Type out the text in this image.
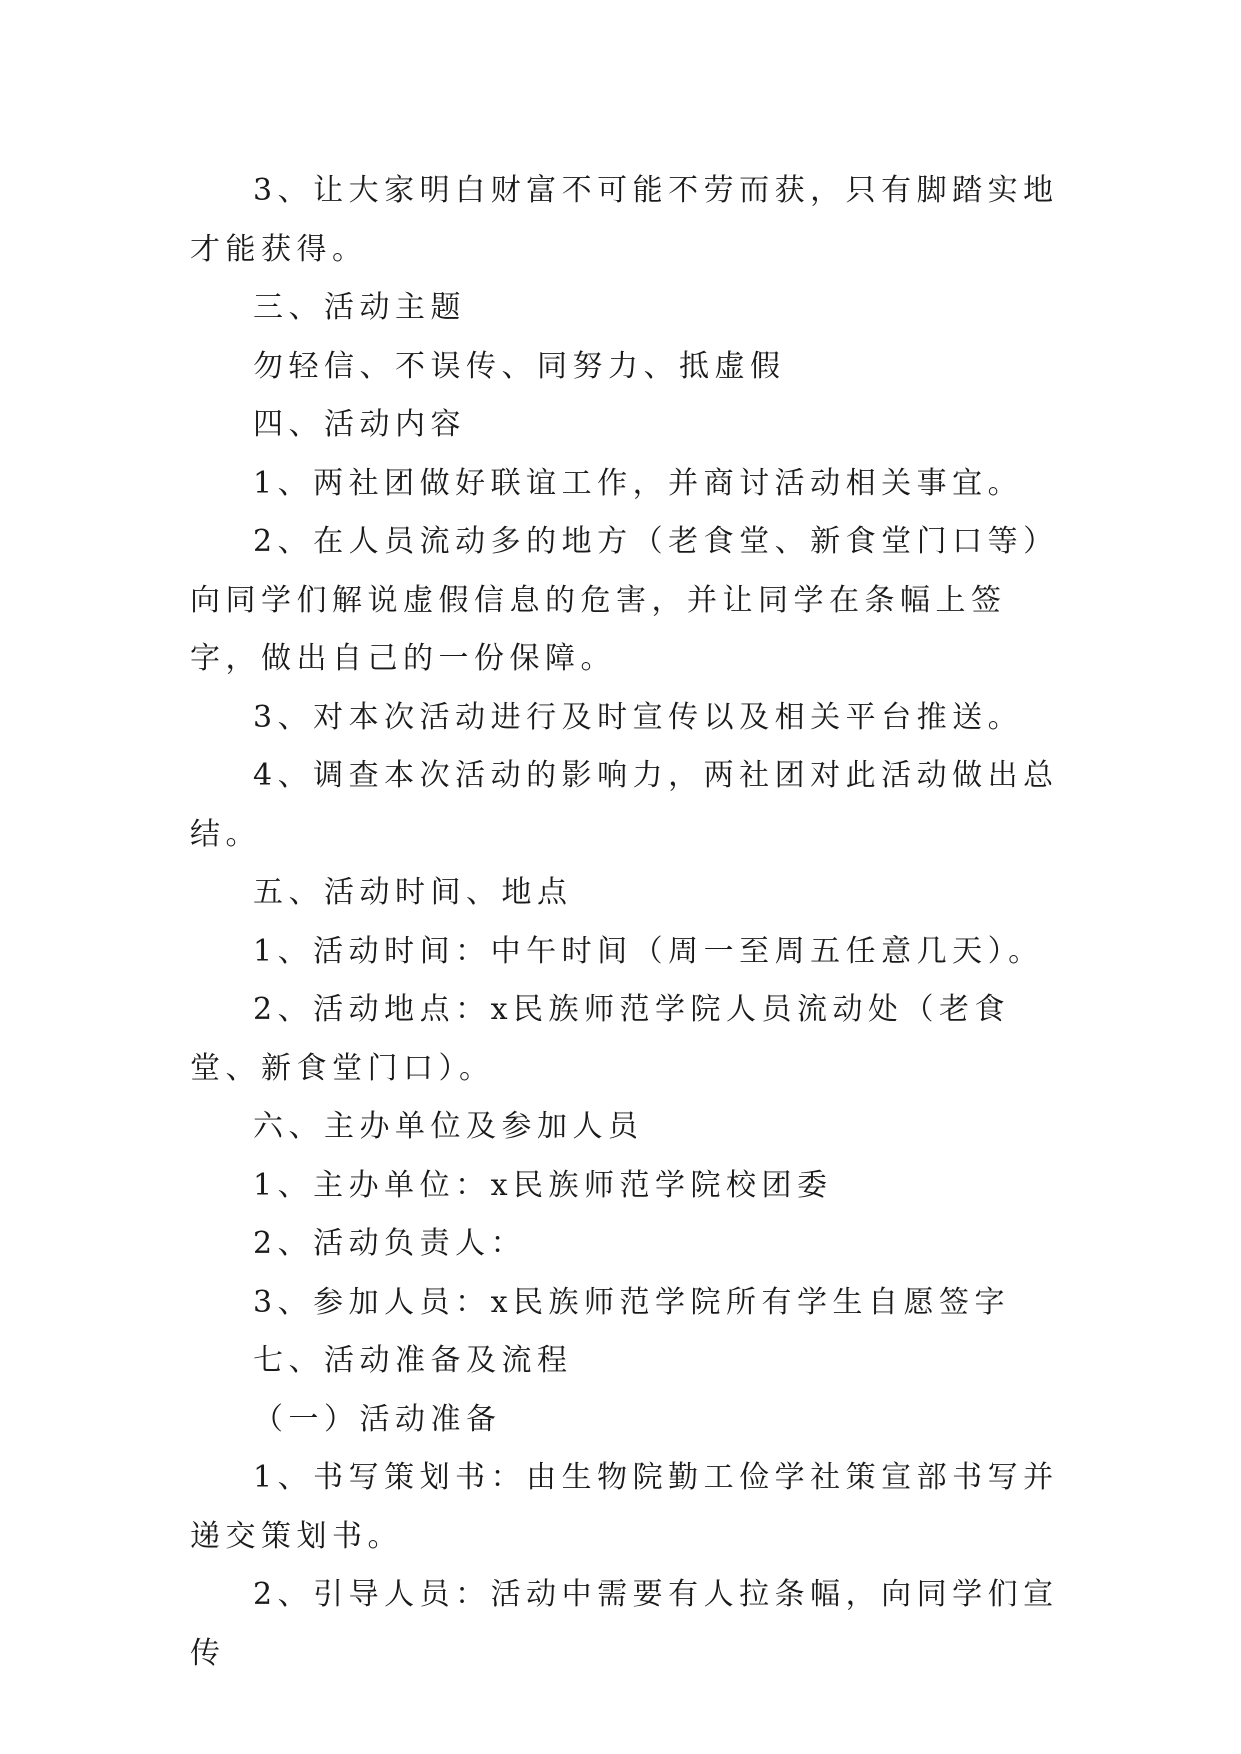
3、让大家明白财富不可能不劳而获，只有脚踏实地才能获得。

三、活动主题

勿轻信、不误传、同努力、抵虚假

四、活动内容

1、两社团做好联谊工作，并商讨活动相关事宜。

2、在人员流动多的地方（老食堂、新食堂门口等）向同学们解说虚假信息的危害，并让同学在条幅上签字，做出自己的一份保障。

3、对本次活动进行及时宣传以及相关平台推送。

4、调查本次活动的影响力，两社团对此活动做出总结。

五、活动时间、地点

1、活动时间：中午时间（周一至周五任意几天）。

2、活动地点：x民族师范学院人员流动处（老食堂、新食堂门口）。

六、主办单位及参加人员

1、主办单位：x民族师范学院校团委

2、活动负责人：

3、参加人员：x民族师范学院所有学生自愿签字

七、活动准备及流程

（一）活动准备

1、书写策划书：由生物院勤工俭学社策宣部书写并递交策划书。

2、引导人员：活动中需要有人拉条幅，向同学们宣传
